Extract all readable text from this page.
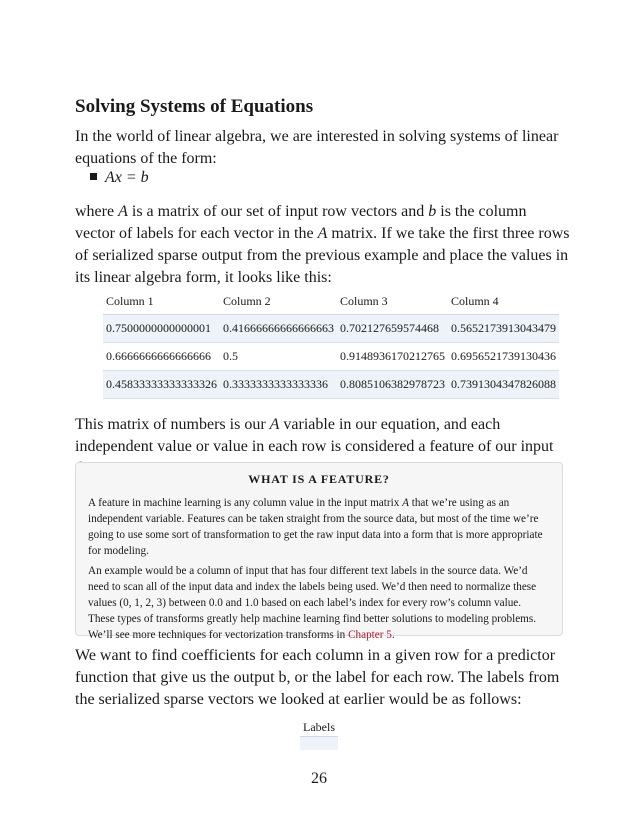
Solving Systems of Equations

In the world of linear algebra, we are interested in solving systems of linear equations of the form:

Ax = b

where A is a matrix of our set of input row vectors and b is the column vector of labels for each vector in the A matrix. If we take the first three rows of serialized sparse output from the previous example and place the values in its linear algebra form, it looks like this:

Column 1	Column 2	Column 3	Column 4
0.7500000000000001	0.41666666666666663	0.702127659574468	0.5652173913043479
0.6666666666666666	0.5	0.9148936170212765	0.6956521739130436
0.45833333333333326	0.3333333333333336	0.8085106382978723	0.7391304347826088

This matrix of numbers is our A variable in our equation, and each independent value or value in each row is considered a feature of our input

WHAT IS A FEATURE?

A feature in machine learning is any column value in the input matrix A that we’re using as an independent variable. Features can be taken straight from the source data, but most of the time we’re going to use some sort of transformation to get the raw input data into a form that is more appropriate for modeling.

An example would be a column of input that has four different text labels in the source data. We’d need to scan all of the input data and index the labels being used. We’d then need to normalize these values (0, 1, 2, 3) between 0.0 and 1.0 based on each label’s index for every row’s column value. These types of transforms greatly help machine learning find better solutions to modeling problems. We’ll see more techniques for vectorization transforms in Chapter 5.

We want to find coefficients for each column in a given row for a predictor function that give us the output b, or the label for each row. The labels from the serialized sparse vectors we looked at earlier would be as follows:

Labels

26
